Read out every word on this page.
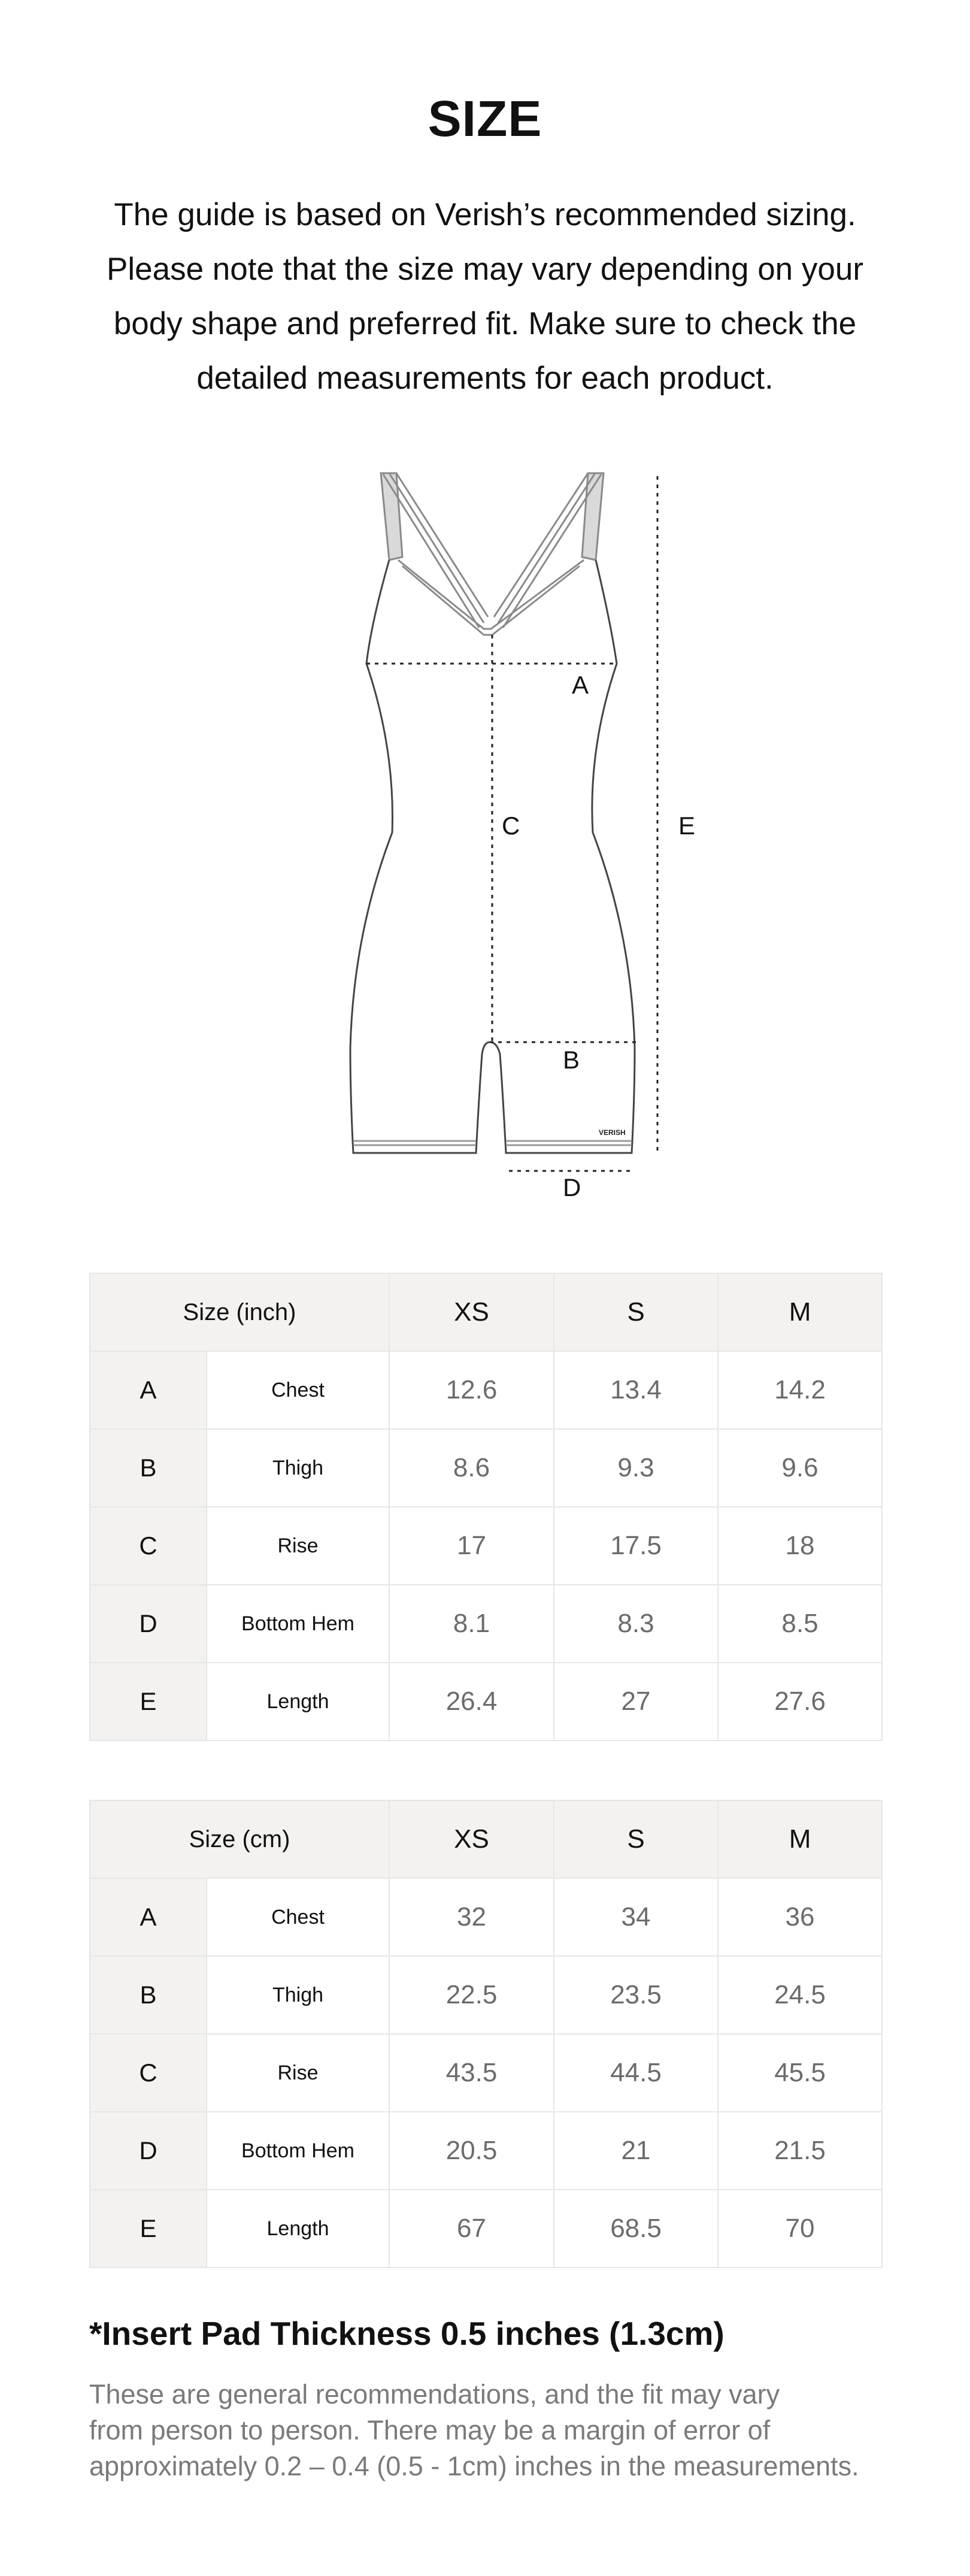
SIZE
The guide is based on Verish’s recommended sizing.
Please note that the size may vary depending on your
body shape and preferred fit. Make sure to check the
detailed measurements for each product.
VERISH
A
C	E
B
D
Size (inch)		XS	S	M
A	Chest	12.6	13.4	14.2
B	Thigh	8.6	9.3	9.6
C	Rise	17	17.5	18
D	Bottom Hem	8.1	8.3	8.5
E	Length	26.4	27	27.6
Size (cm)		XS	S	M
A	Chest	32	34	36
B	Thigh	22.5	23.5	24.5
C	Rise	43.5	44.5	45.5
D	Bottom Hem	20.5	21	21.5
E	Length	67	68.5	70
*Insert Pad Thickness 0.5 inches (1.3cm)
These are general recommendations, and the fit may vary
from person to person. There may be a margin of error of
approximately 0.2 – 0.4 (0.5 - 1cm) inches in the measurements.
